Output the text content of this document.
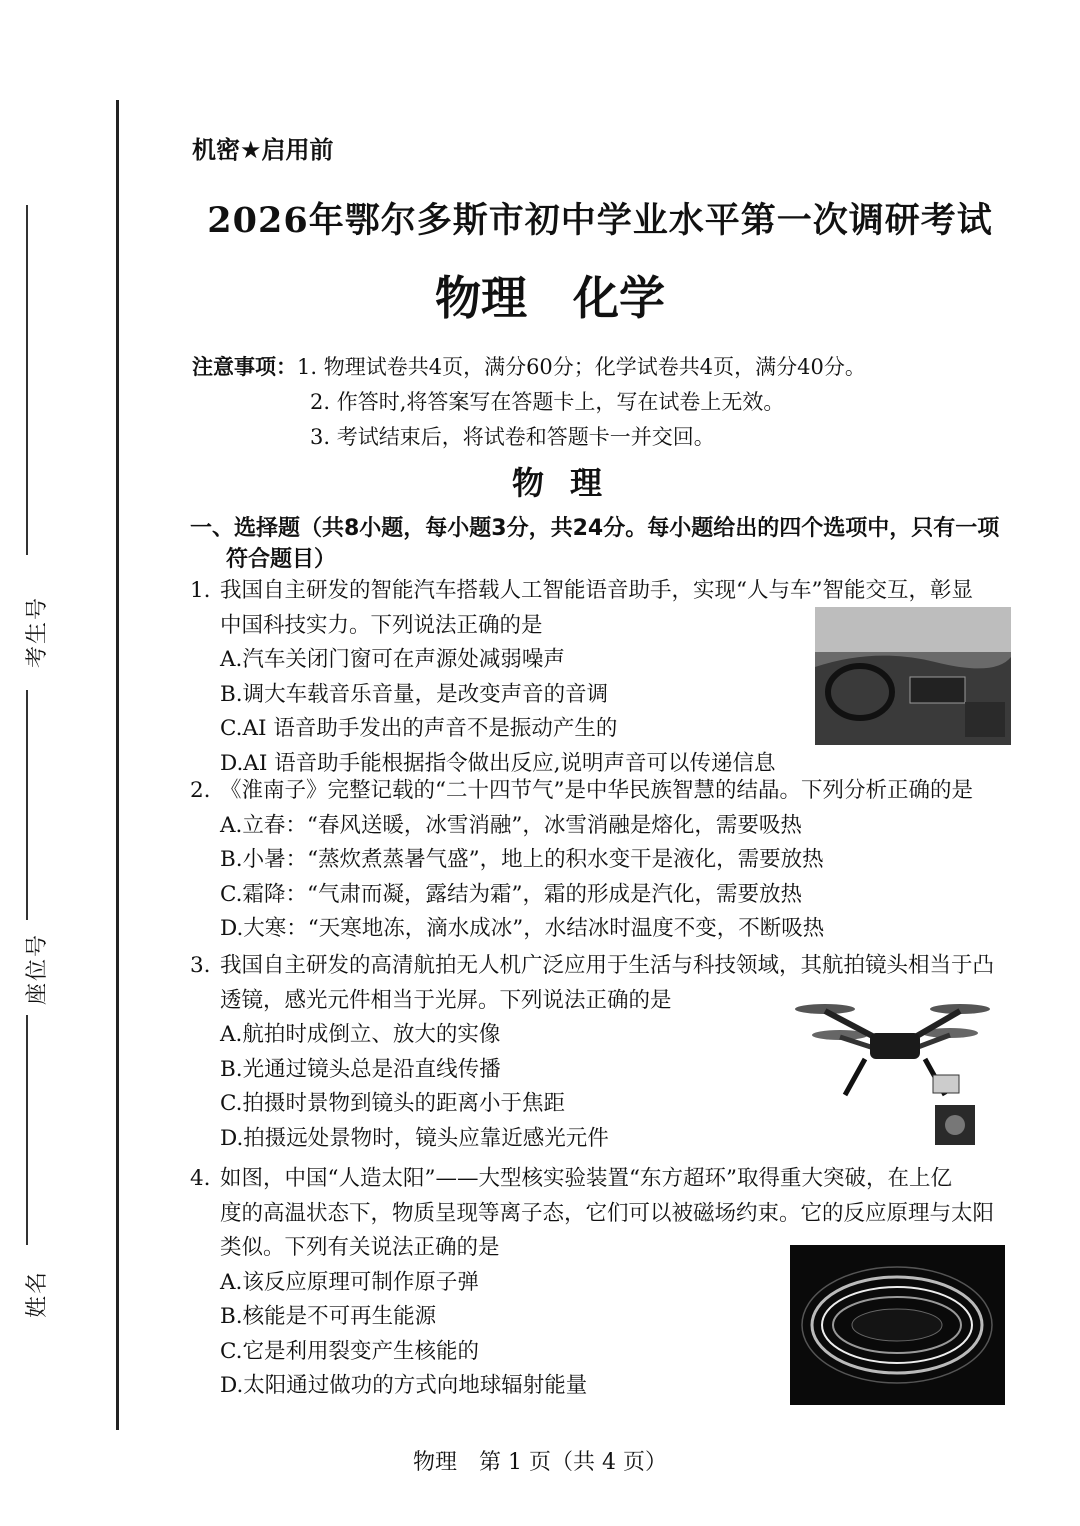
考生号
座位号
姓名
机密★启用前
2026年鄂尔多斯市初中学业水平第一次调研考试
物理　化学
注意事项：1. 物理试卷共4页，满分60分；化学试卷共4页，满分40分。
2. 作答时,将答案写在答题卡上，写在试卷上无效。
3. 考试结束后，将试卷和答题卡一并交回。
物理
一、选择题（共8小题，每小题3分，共24分。每小题给出的四个选项中，只有一项
符合题目）
1. 我国自主研发的智能汽车搭载人工智能语音助手，实现“人与车”智能交互，彰显
中国科技实力。下列说法正确的是
A.汽车关闭门窗可在声源处减弱噪声
B.调大车载音乐音量，是改变声音的音调
C.AI 语音助手发出的声音不是振动产生的
D.AI 语音助手能根据指令做出反应,说明声音可以传递信息
2. 《淮南子》完整记载的“二十四节气”是中华民族智慧的结晶。下列分析正确的是
A.立春：“春风送暖，冰雪消融”，冰雪消融是熔化，需要吸热
B.小暑：“蒸炊煮蒸暑气盛”，地上的积水变干是液化，需要放热
C.霜降：“气肃而凝，露结为霜”，霜的形成是汽化，需要放热
D.大寒：“天寒地冻，滴水成冰”，水结冰时温度不变，不断吸热
3. 我国自主研发的高清航拍无人机广泛应用于生活与科技领域，其航拍镜头相当于凸
透镜，感光元件相当于光屏。下列说法正确的是
A.航拍时成倒立、放大的实像
B.光通过镜头总是沿直线传播
C.拍摄时景物到镜头的距离小于焦距
D.拍摄远处景物时，镜头应靠近感光元件
4. 如图，中国“人造太阳”——大型核实验装置“东方超环”取得重大突破，在上亿
度的高温状态下，物质呈现等离子态，它们可以被磁场约束。它的反应原理与太阳
类似。下列有关说法正确的是
A.该反应原理可制作原子弹
B.核能是不可再生能源
C.它是利用裂变产生核能的
D.太阳通过做功的方式向地球辐射能量
物理　第 1 页（共 4 页）
